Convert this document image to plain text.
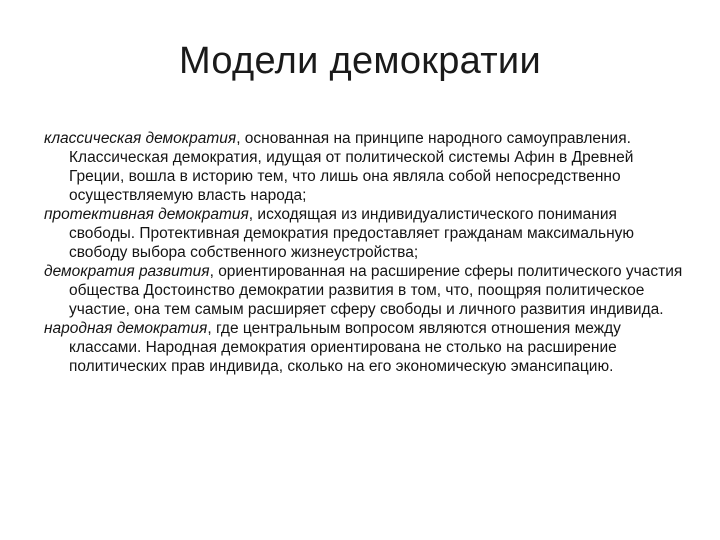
Модели демократии
классическая демократия, основанная на принципе народного самоуправления. Классическая демократия, идущая от политической системы Афин в Древней Греции, вошла в историю тем, что лишь она являла собой непосредственно осуществляемую власть народа;
протективная демократия, исходящая из индивидуалистического понимания свободы. Протективная демократия предоставляет гражданам максимальную свободу выбора собственного жизнеустройства;
демократия развития, ориентированная на расширение сферы политического участия общества Достоинство демократии развития в том, что, поощряя политическое участие, она тем самым расширяет сферу свободы и личного развития индивида.
народная демократия, где центральным вопросом являются отношения между классами. Народная демократия ориентирована не столько на расширение политических прав индивида, сколько на его экономическую эмансипацию.
